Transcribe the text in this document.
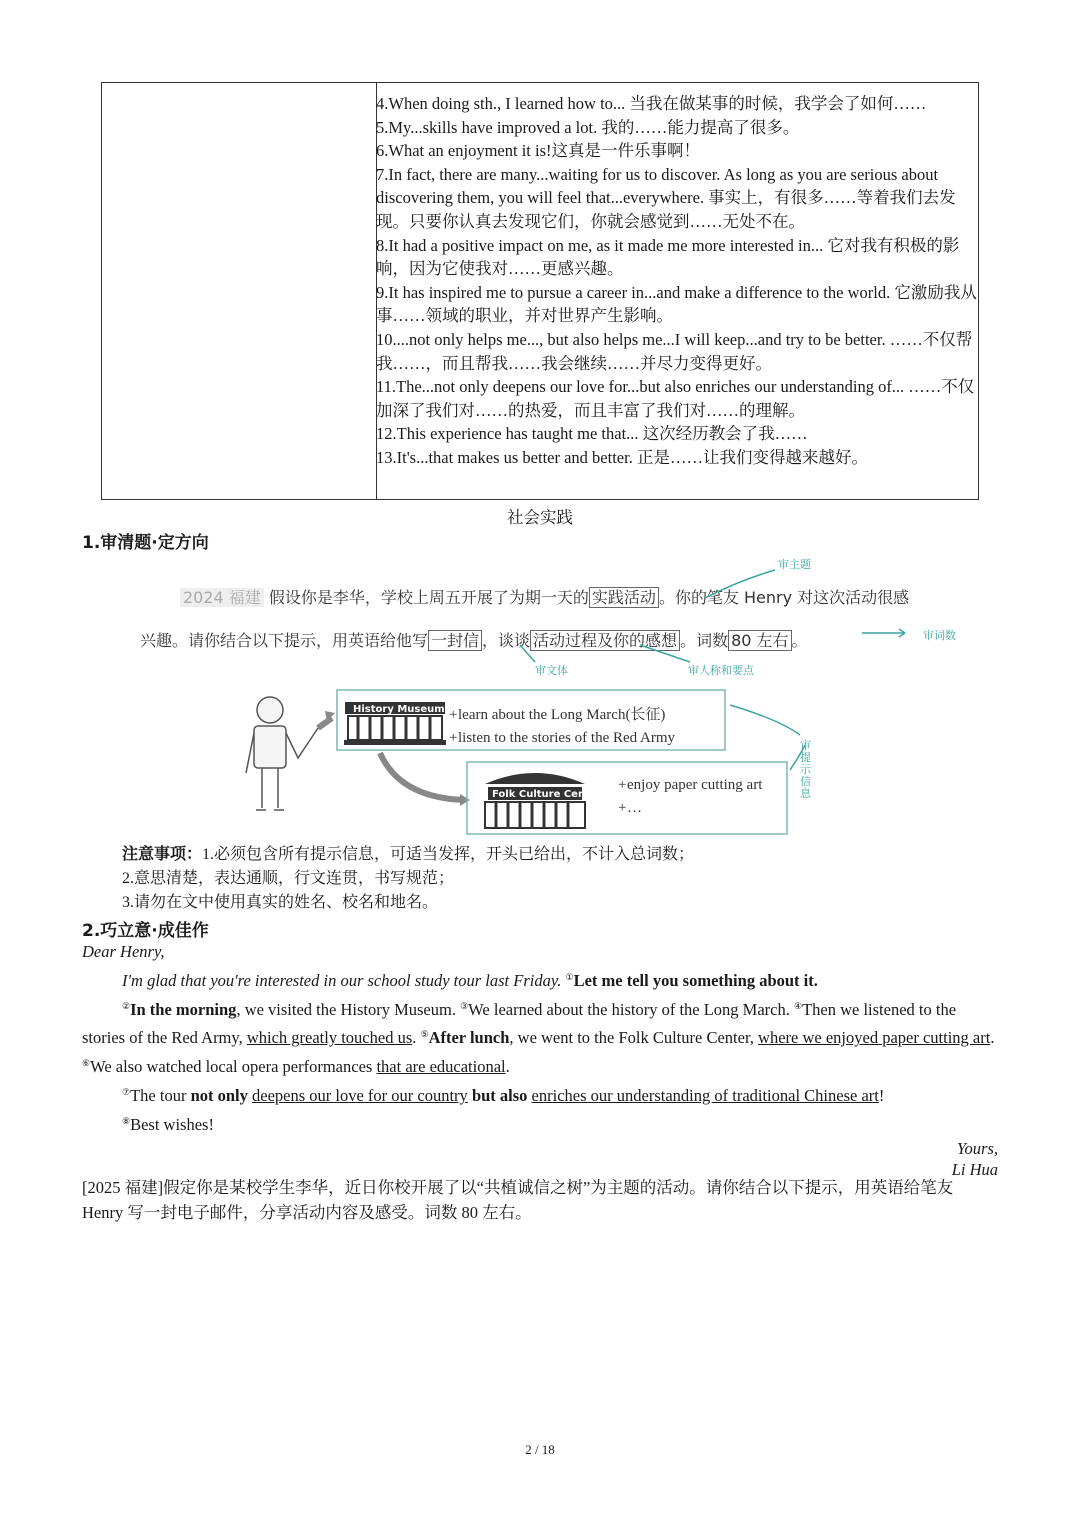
4.When doing sth., I learned how to... 当我在做某事的时候，我学会了如何……
5.My...skills have improved a lot. 我的……能力提高了很多。
6.What an enjoyment it is!这真是一件乐事啊！
7.In fact, there are many...waiting for us to discover. As long as you are serious about discovering them, you will feel that...everywhere. 事实上，有很多……等着我们去发现。只要你认真去发现它们，你就会感觉到……无处不在。
8.It had a positive impact on me, as it made me more interested in... 它对我有积极的影响，因为它使我对……更感兴趣。
9.It has inspired me to pursue a career in...and make a difference to the world. 它激励我从事……领域的职业，并对世界产生影响。
10....not only helps me..., but also helps me...I will keep...and try to be better. ……不仅帮我……，而且帮我……我会继续……并尽力变得更好。
11.The...not only deepens our love for...but also enriches our understanding of... ……不仅加深了我们对……的热爱，而且丰富了我们对……的理解。
12.This experience has taught me that... 这次经历教会了我……
13.It's...that makes us better and better. 正是……让我们变得越来越好。
社会实践
1.审清题·定方向
2024 福建 假设你是李华，学校上周五开展了为期一天的 实践活动 。你的笔友 Henry 对这次活动很感
审主题
兴趣。请你结合以下提示，用英语给他写 一封信 ，谈谈 活动过程及你的感想 。词数 80 左右 。	审词数
审文体	审人称和要点
审提示信息
History Museum learn about the Long March(长征)
listen to the stories of the Red Army
+
+
Folk Culture Center
enjoy paper cutting art
…
+
+
注意事项：1.必须包含所有提示信息，可适当发挥，开头已给出，不计入总词数；
2.意思清楚，表达通顺，行文连贯，书写规范；
3.请勿在文中使用真实的姓名、校名和地名。
2.巧立意·成佳作

Dear Henry,

I'm glad that you're interested in our school study tour last Friday. ①Let me tell you something about it.

②In the morning, we visited the History Museum. ③We learned about the history of the Long March. ④Then we listened to the stories of the Red Army, which greatly touched us. ⑤After lunch, we went to the Folk Culture Center, where we enjoyed paper cutting art. ⑥We also watched local opera performances that are educational.

⑦The tour not only deepens our love for our country but also enriches our understanding of traditional Chinese art!

⑧Best wishes!

Yours,

Li Hua

[2025 福建]假定你是某校学生李华，近日你校开展了以“共植诚信之树”为主题的活动。请你结合以下提示，用英语给笔友 Henry 写一封电子邮件，分享活动内容及感受。词数 80 左右。
2 / 18
